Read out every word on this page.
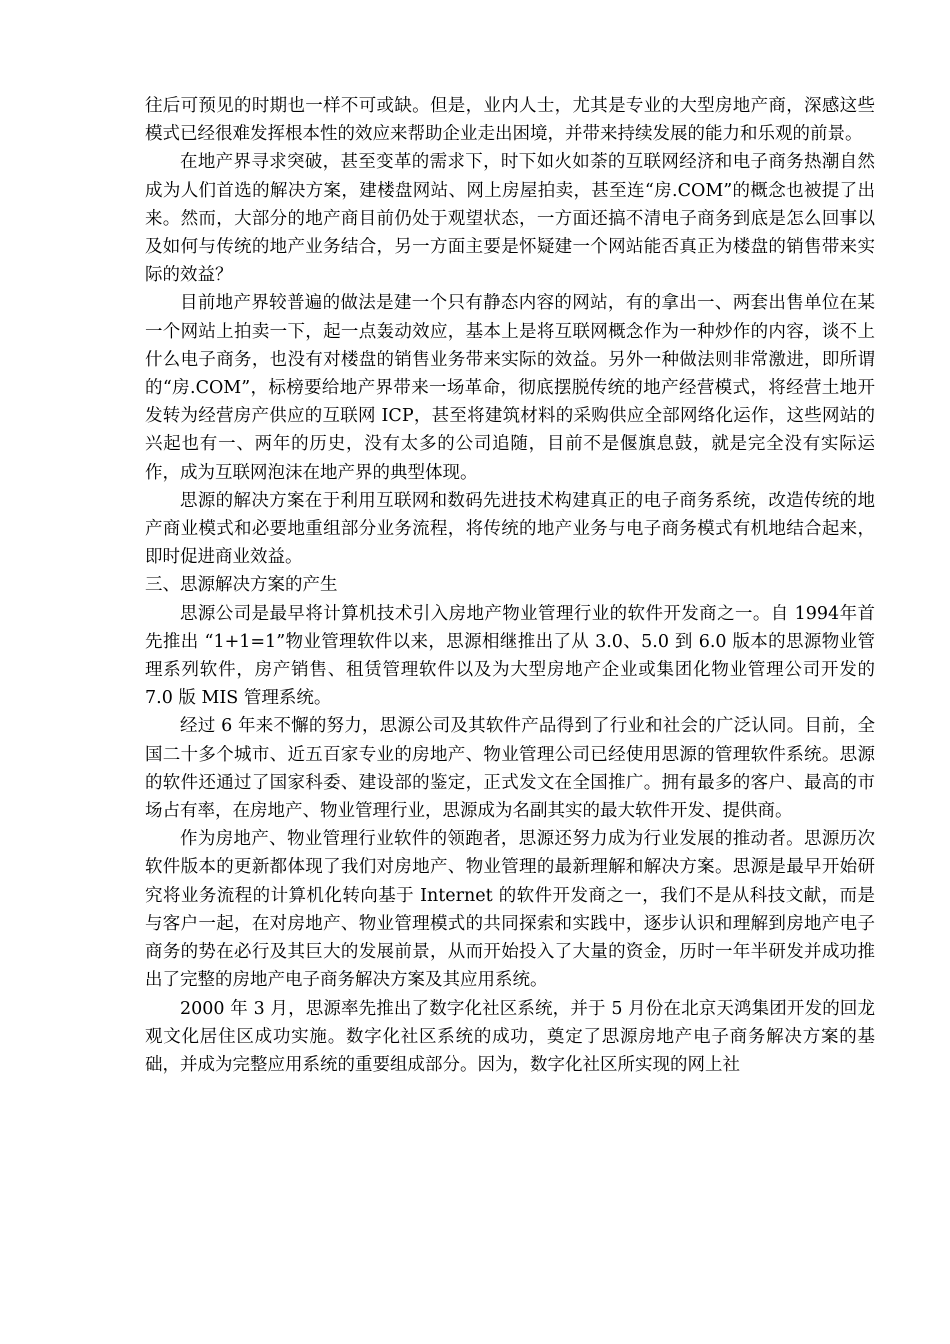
往后可预见的时期也一样不可或缺。但是，业内人士，尤其是专业的大型房地产商，深感这些模式已经很难发挥根本性的效应来帮助企业走出困境，并带来持续发展的能力和乐观的前景。

在地产界寻求突破，甚至变革的需求下，时下如火如荼的互联网经济和电子商务热潮自然成为人们首选的解决方案，建楼盘网站、网上房屋拍卖，甚至连“房.COM”的概念也被提了出来。然而，大部分的地产商目前仍处于观望状态，一方面还搞不清电子商务到底是怎么回事以及如何与传统的地产业务结合，另一方面主要是怀疑建一个网站能否真正为楼盘的销售带来实际的效益？

目前地产界较普遍的做法是建一个只有静态内容的网站，有的拿出一、两套出售单位在某一个网站上拍卖一下，起一点轰动效应，基本上是将互联网概念作为一种炒作的内容，谈不上什么电子商务，也没有对楼盘的销售业务带来实际的效益。另外一种做法则非常激进，即所谓的“房.COM”，标榜要给地产界带来一场革命，彻底摆脱传统的地产经营模式，将经营土地开发转为经营房产供应的互联网 ICP，甚至将建筑材料的采购供应全部网络化运作，这些网站的兴起也有一、两年的历史，没有太多的公司追随，目前不是偃旗息鼓，就是完全没有实际运作，成为互联网泡沫在地产界的典型体现。

思源的解决方案在于利用互联网和数码先进技术构建真正的电子商务系统，改造传统的地产商业模式和必要地重组部分业务流程，将传统的地产业务与电子商务模式有机地结合起来，即时促进商业效益。

三、思源解决方案的产生

思源公司是最早将计算机技术引入房地产物业管理行业的软件开发商之一。自 1994年首先推出 “1+1=1”物业管理软件以来，思源相继推出了从 3.0、5.0 到 6.0 版本的思源物业管理系列软件，房产销售、租赁管理软件以及为大型房地产企业或集团化物业管理公司开发的 7.0 版 MIS 管理系统。

经过 6 年来不懈的努力，思源公司及其软件产品得到了行业和社会的广泛认同。目前，全国二十多个城市、近五百家专业的房地产、物业管理公司已经使用思源的管理软件系统。思源的软件还通过了国家科委、建设部的鉴定，正式发文在全国推广。拥有最多的客户、最高的市场占有率，在房地产、物业管理行业，思源成为名副其实的最大软件开发、提供商。

作为房地产、物业管理行业软件的领跑者，思源还努力成为行业发展的推动者。思源历次软件版本的更新都体现了我们对房地产、物业管理的最新理解和解决方案。思源是最早开始研究将业务流程的计算机化转向基于 Internet 的软件开发商之一，我们不是从科技文献，而是与客户一起，在对房地产、物业管理模式的共同探索和实践中，逐步认识和理解到房地产电子商务的势在必行及其巨大的发展前景，从而开始投入了大量的资金，历时一年半研发并成功推出了完整的房地产电子商务解决方案及其应用系统。

2000 年 3 月，思源率先推出了数字化社区系统，并于 5 月份在北京天鸿集团开发的回龙观文化居住区成功实施。数字化社区系统的成功，奠定了思源房地产电子商务解决方案的基础，并成为完整应用系统的重要组成部分。因为，数字化社区所实现的网上社
